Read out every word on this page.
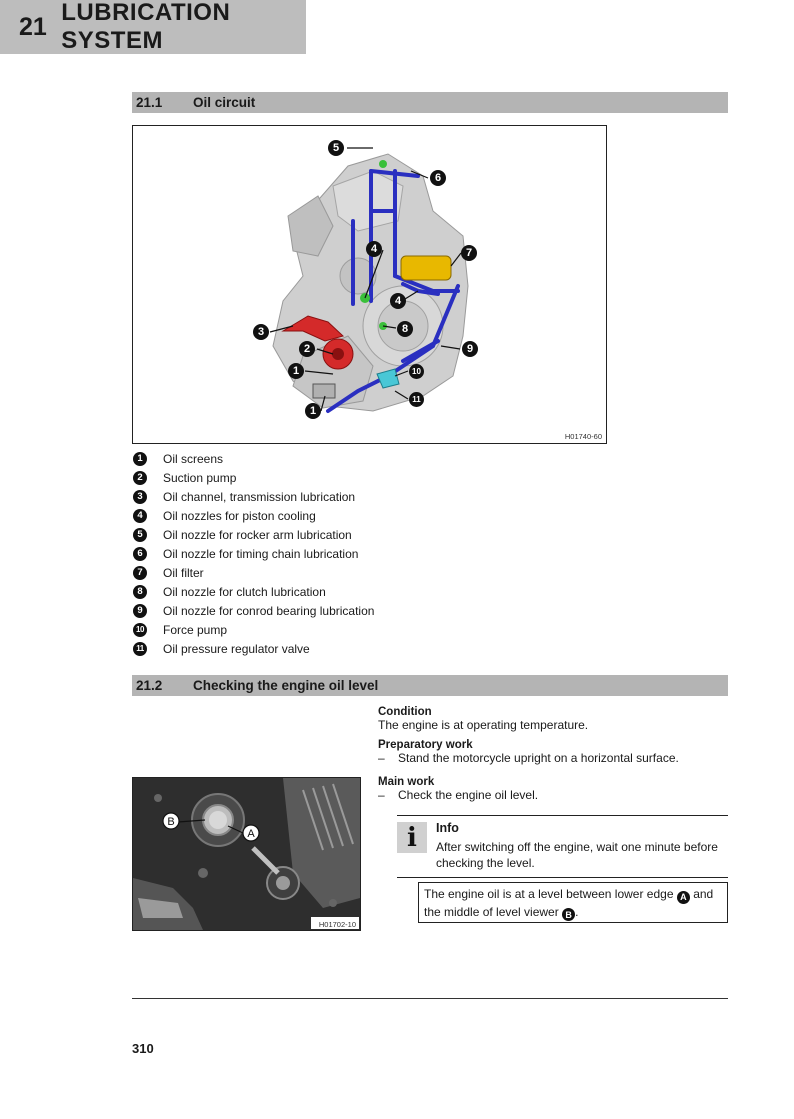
21 LUBRICATION SYSTEM
21.1	Oil circuit
5
6
4	7
4
3	8
2	9
1	10
11
1
H01740-60
1	Oil screens
2	Suction pump
3	Oil channel, transmission lubrication
4	Oil nozzles for piston cooling
5	Oil nozzle for rocker arm lubrication
6	Oil nozzle for timing chain lubrication
7	Oil filter
8	Oil nozzle for clutch lubrication
9	Oil nozzle for conrod bearing lubrication
10 Force pump
11 Oil pressure regulator valve
21.2	Checking the engine oil level
B
A
H01702-10
Condition
The engine is at operating temperature.
Preparatory work
–	Stand the motorcycle upright on a horizontal surface.
Main work
–	Check the engine oil level.
i	Info
After switching off the engine, wait one minute before checking the level.
The engine oil is at a level between lower edge A and the middle of level viewer B .
310
